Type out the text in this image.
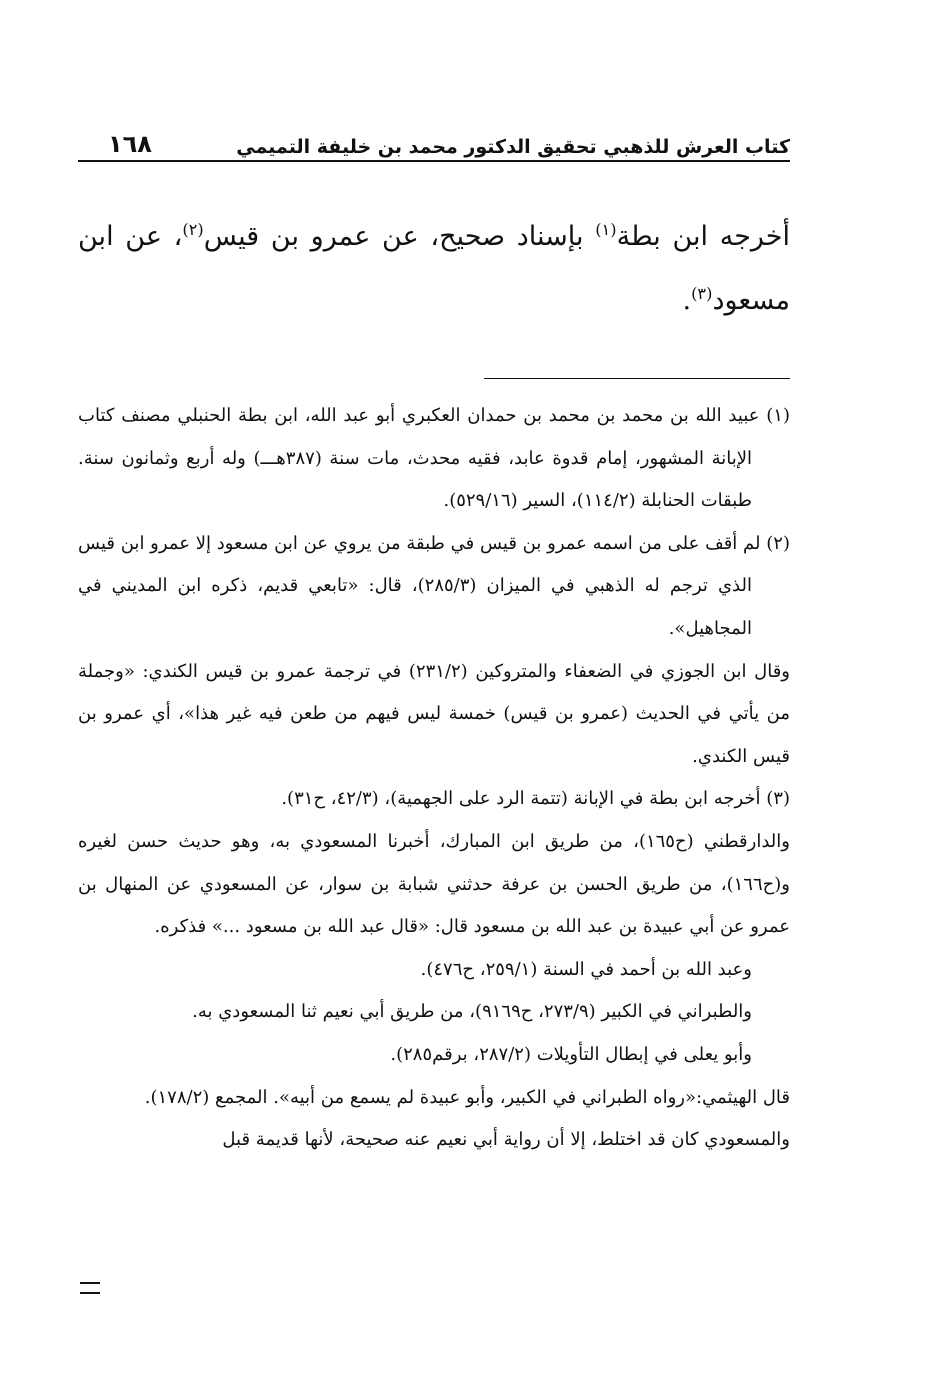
كتاب العرش للذهبي تحقيق الدكتور محمد بن خليفة التميمي
١٦٨
أخرجه ابن بطة$^{(١)}$ بإسناد صحيح، عن عمرو بن قيس$^{(٢)}$، عن ابن مسعود$^{(٣)}$.

(١) عبيد الله بن محمد بن محمد بن حمدان العكبري أبو عبد الله، ابن بطة الحنبلي مصنف كتاب الإبانة المشهور، إمام قدوة عابد، فقيه محدث، مات سنة (٣٨٧هـــ) وله أربع وثمانون سنة. طبقات الحنابلة (١١٤/٢)، السير (٥٢٩/١٦).

(٢) لم أقف على من اسمه عمرو بن قيس في طبقة من يروي عن ابن مسعود إلا عمرو ابن قيس الذي ترجم له الذهبي في الميزان (٢٨٥/٣)، قال: «تابعي قديم، ذكره ابن المديني في المجاهيل».

وقال ابن الجوزي في الضعفاء والمتروكين (٢٣١/٢) في ترجمة عمرو بن قيس الكندي: «وجملة من يأتي في الحديث (عمرو بن قيس) خمسة ليس فيهم من طعن فيه غير هذا»، أي عمرو بن قيس الكندي.

(٣) أخرجه ابن بطة في الإبانة (تتمة الرد على الجهمية)، (٤٢/٣، ح٣١).

والدارقطني (ح١٦٥)، من طريق ابن المبارك، أخبرنا المسعودي به، وهو حديث حسن لغيره و(ح١٦٦)، من طريق الحسن بن عرفة حدثني شبابة بن سوار، عن المسعودي عن المنهال بن عمرو عن أبي عبيدة بن عبد الله بن مسعود قال: «قال عبد الله بن مسعود ...» فذكره.

وعبد الله بن أحمد في السنة (٢٥٩/١، ح٤٧٦).

والطبراني في الكبير (٢٧٣/٩، ح٩١٦٩)، من طريق أبي نعيم ثنا المسعودي به.

وأبو يعلى في إبطال التأويلات (٢٨٧/٢، برقم٢٨٥).

قال الهيثمي:«رواه الطبراني في الكبير، وأبو عبيدة لم يسمع من أبيه». المجمع (١٧٨/٢).

والمسعودي كان قد اختلط، إلا أن رواية أبي نعيم عنه صحيحة، لأنها قديمة قبل
